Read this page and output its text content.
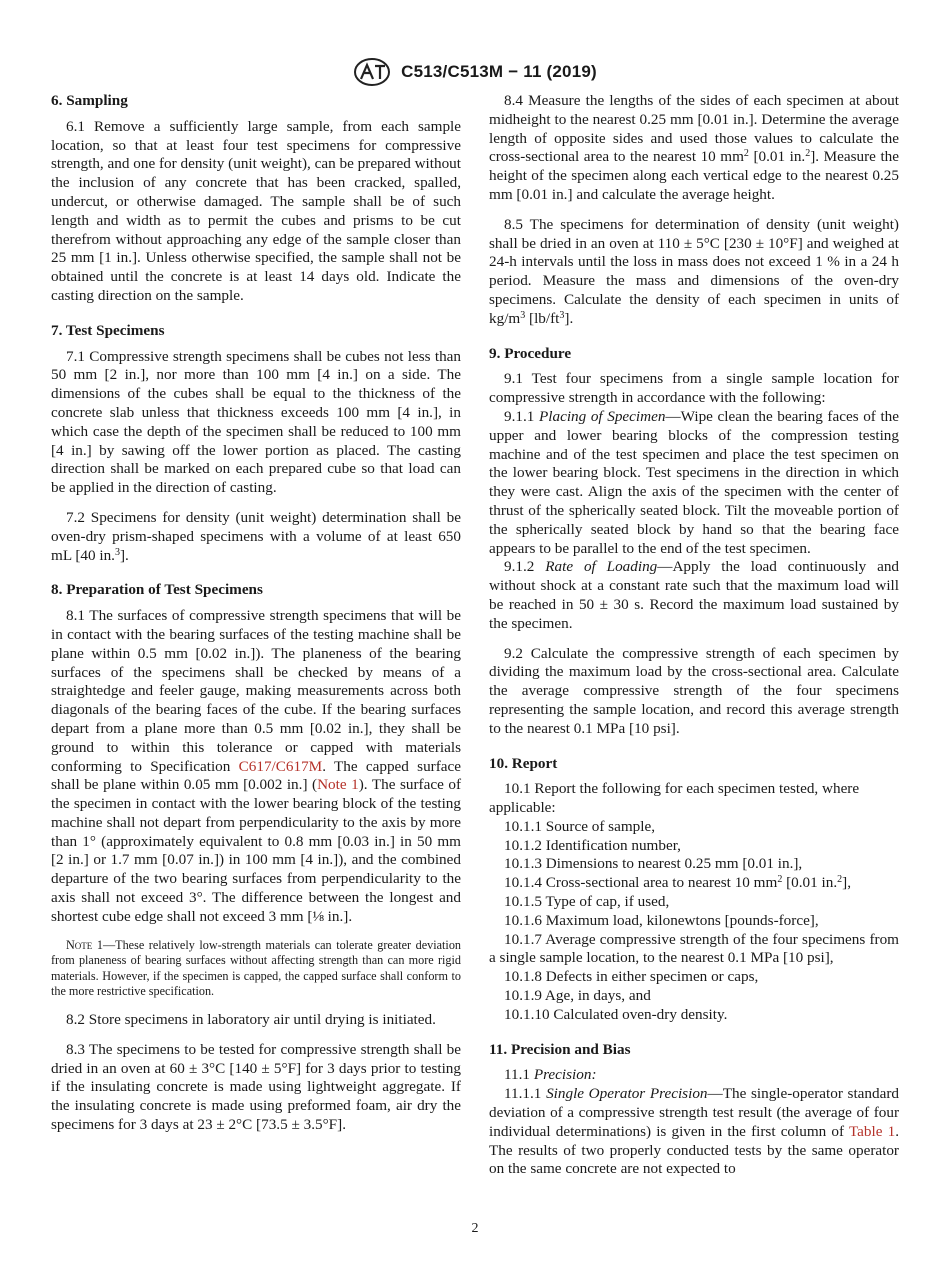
C513/C513M − 11 (2019)

6. Sampling

6.1 Remove a sufficiently large sample, from each sample location, so that at least four test specimens for compressive strength, and one for density (unit weight), can be prepared without the inclusion of any concrete that has been cracked, spalled, undercut, or otherwise damaged. The sample shall be of such length and width as to permit the cubes and prisms to be cut therefrom without approaching any edge of the sample closer than 25 mm [1 in.]. Unless otherwise specified, the sample shall not be obtained until the concrete is at least 14 days old. Indicate the casting direction on the sample.

7. Test Specimens

7.1 Compressive strength specimens shall be cubes not less than 50 mm [2 in.], nor more than 100 mm [4 in.] on a side. The dimensions of the cubes shall be equal to the thickness of the concrete slab unless that thickness exceeds 100 mm [4 in.], in which case the depth of the specimen shall be reduced to 100 mm [4 in.] by sawing off the lower portion as placed. The casting direction shall be marked on each prepared cube so that load can be applied in the direction of casting.

7.2 Specimens for density (unit weight) determination shall be oven-dry prism-shaped specimens with a volume of at least 650 mL [40 in.$^3$].

8. Preparation of Test Specimens

8.1 The surfaces of compressive strength specimens that will be in contact with the bearing surfaces of the testing machine shall be plane within 0.5 mm [0.02 in.]). The planeness of the bearing surfaces of the specimens shall be checked by means of a straightedge and feeler gauge, making measurements across both diagonals of the bearing faces of the cube. If the bearing surfaces depart from a plane more than 0.5 mm [0.02 in.], they shall be ground to within this tolerance or capped with materials conforming to Specification C617/C617M. The capped surface shall be plane within 0.05 mm [0.002 in.] (Note 1). The surface of the specimen in contact with the lower bearing block of the testing machine shall not depart from perpendicularity to the axis by more than 1° (approximately equivalent to 0.8 mm [0.03 in.] in 50 mm [2 in.] or 1.7 mm [0.07 in.]) in 100 mm [4 in.]), and the combined departure of the two bearing surfaces from perpendicularity to the axis shall not exceed 3°. The difference between the longest and shortest cube edge shall not exceed 3 mm [⅛ in.].

Note 1—These relatively low-strength materials can tolerate greater deviation from planeness of bearing surfaces without affecting strength than can more rigid materials. However, if the specimen is capped, the capped surface shall conform to the more restrictive specification.

8.2 Store specimens in laboratory air until drying is initiated.

8.3 The specimens to be tested for compressive strength shall be dried in an oven at 60 ± 3°C [140 ± 5°F] for 3 days prior to testing if the insulating concrete is made using lightweight aggregate. If the insulating concrete is made using preformed foam, air dry the specimens for 3 days at 23 ± 2°C [73.5 ± 3.5°F].

8.4 Measure the lengths of the sides of each specimen at about midheight to the nearest 0.25 mm [0.01 in.]. Determine the average length of opposite sides and used those values to calculate the cross-sectional area to the nearest 10 $mm^2$ [0.01 in.$^2$]. Measure the height of the specimen along each vertical edge to the nearest 0.25 mm [0.01 in.] and calculate the average height.

8.5 The specimens for determination of density (unit weight) shall be dried in an oven at 110 ± 5°C [230 ± 10°F] and weighed at 24-h intervals until the loss in mass does not exceed 1 % in a 24 h period. Measure the mass and dimensions of the oven-dry specimens. Calculate the density of each specimen in units of $kg/m^3$ $[lb/ft^3]$.

9. Procedure

9.1 Test four specimens from a single sample location for compressive strength in accordance with the following:

9.1.1 Placing of Specimen—Wipe clean the bearing faces of the upper and lower bearing blocks of the compression testing machine and of the test specimen and place the test specimen on the lower bearing block. Test specimens in the direction in which they were cast. Align the axis of the specimen with the center of thrust of the spherically seated block. Tilt the moveable portion of the spherically seated block by hand so that the bearing face appears to be parallel to the end of the test specimen.

9.1.2 Rate of Loading—Apply the load continuously and without shock at a constant rate such that the maximum load will be reached in 50 ± 30 s. Record the maximum load sustained by the specimen.

9.2 Calculate the compressive strength of each specimen by dividing the maximum load by the cross-sectional area. Calculate the average compressive strength of the four specimens representing the sample location, and record this average strength to the nearest 0.1 MPa [10 psi].

10. Report

10.1 Report the following for each specimen tested, where applicable:

10.1.1 Source of sample,

10.1.2 Identification number,

10.1.3 Dimensions to nearest 0.25 mm [0.01 in.],

10.1.4 Cross-sectional area to nearest 10 $mm^2$ [0.01 in.$^2$],

10.1.5 Type of cap, if used,

10.1.6 Maximum load, kilonewtons [pounds-force],

10.1.7 Average compressive strength of the four specimens from a single sample location, to the nearest 0.1 MPa [10 psi],

10.1.8 Defects in either specimen or caps,

10.1.9 Age, in days, and

10.1.10 Calculated oven-dry density.

11. Precision and Bias

11.1 Precision:

11.1.1 Single Operator Precision—The single-operator standard deviation of a compressive strength test result (the average of four individual determinations) is given in the first column of Table 1. The results of two properly conducted tests by the same operator on the same concrete are not expected to

2
